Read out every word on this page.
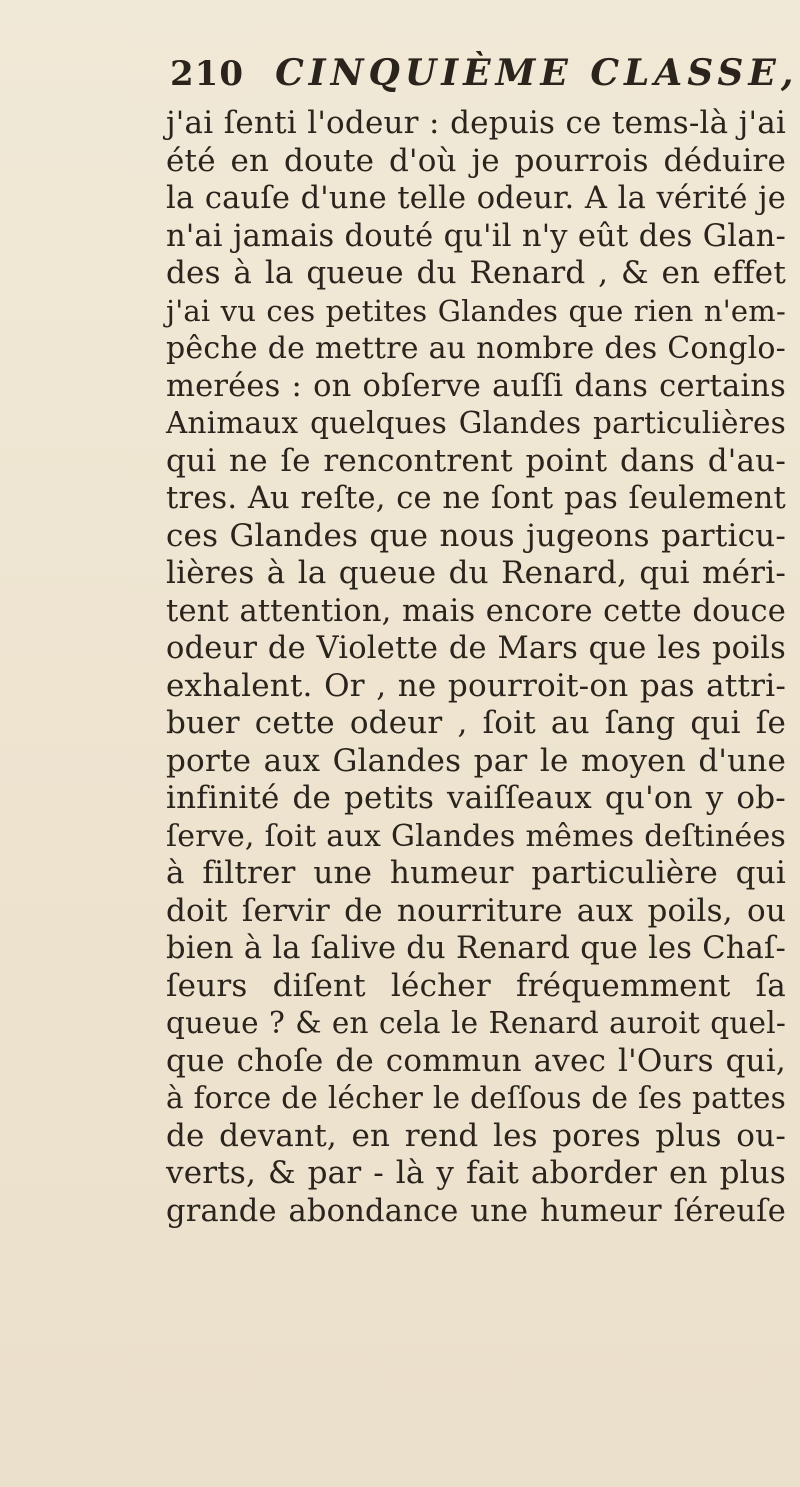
210 CINQUIÈME CLASSE,
j'ai ſenti l'odeur : depuis ce tems-là j'ai
été en doute d'où je pourrois déduire
la cauſe d'une telle odeur. A la vérité je
n'ai jamais douté qu'il n'y eût des Glan-
des à la queue du Renard , & en effet
j'ai vu ces petites Glandes que rien n'em-
pêche de mettre au nombre des Conglo-
merées : on obſerve auſſi dans certains
Animaux quelques Glandes particulières
qui ne ſe rencontrent point dans d'au-
tres. Au reſte, ce ne ſont pas ſeulement
ces Glandes que nous jugeons particu-
lières à la queue du Renard, qui méri-
tent attention, mais encore cette douce
odeur de Violette de Mars que les poils
exhalent. Or , ne pourroit-on pas attri-
buer cette odeur , ſoit au ſang qui ſe
porte aux Glandes par le moyen d'une
infinité de petits vaiſſeaux qu'on y ob-
ſerve, ſoit aux Glandes mêmes deſtinées
à filtrer une humeur particulière qui
doit ſervir de nourriture aux poils, ou
bien à la ſalive du Renard que les Chaſ-
ſeurs diſent lécher fréquemment ſa
queue ? & en cela le Renard auroit quel-
que choſe de commun avec l'Ours qui,
à force de lécher le deſſous de ſes pattes
de devant, en rend les pores plus ou-
verts, & par - là y fait aborder en plus
grande abondance une humeur ſéreuſe
